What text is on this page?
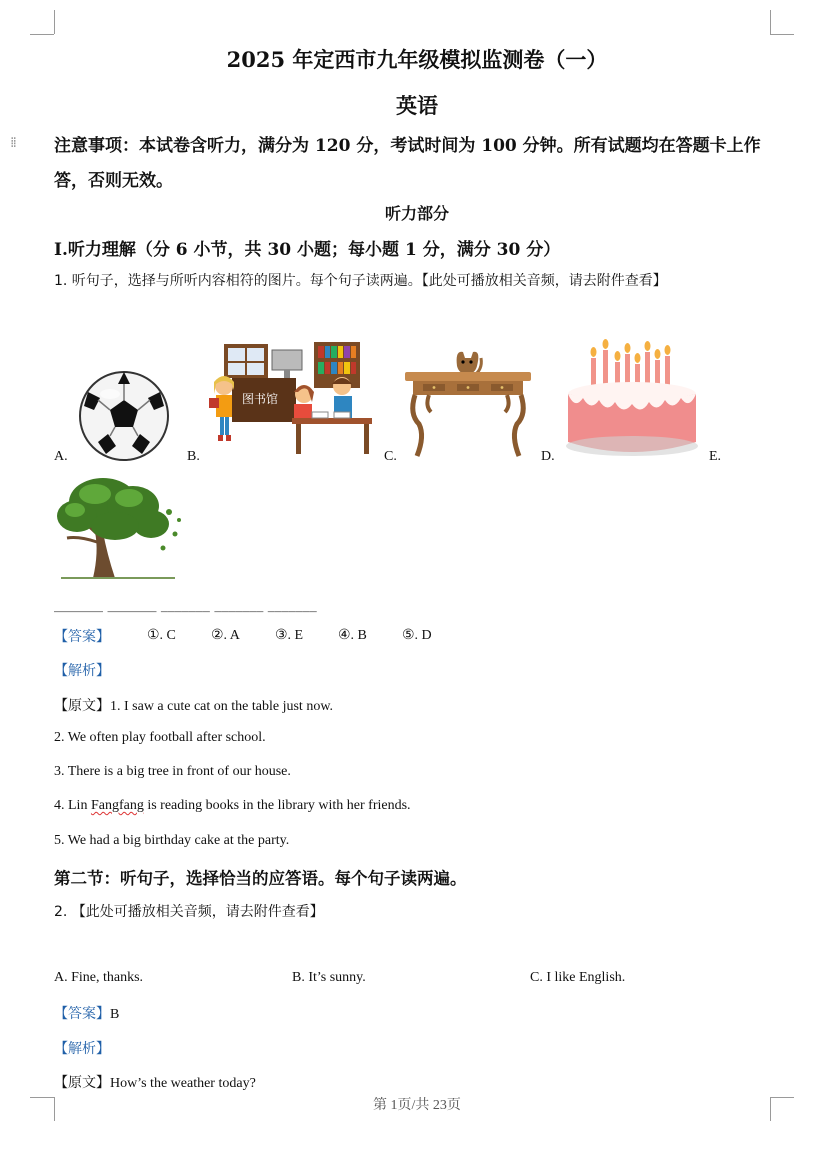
2025 年定西市九年级模拟监测卷（一）
英语
⁞⁞ 注意事项：本试卷含听力，满分为 120 分，考试时间为 100 分钟。所有试题均在答题卡上作答，否则无效。
听力部分
I.听力理解（分 6 小节，共 30 小题；每小题 1 分，满分 30 分）
1. 听句子，选择与所听内容相符的图片。每个句子读两遍。【此处可播放相关音频，请去附件查看】
A.	B.	C.	D.	E.
图书馆
_______ _______ _______ _______ _______
【答案】	①. C	②. A	③. E ④. B	⑤. D
【解析】
【原文】1. I saw a cute cat on the table just now.
2. We often play football after school.
3. There is a big tree in front of our house.
4. Lin Fangfang is reading books in the library with her friends.
5. We had a big birthday cake at the party.
第二节：听句子，选择恰当的应答语。每个句子读两遍。
2. 【此处可播放相关音频，请去附件查看】
A. Fine, thanks.	B. It’s sunny.	C. I like English.
【答案】B
【解析】
【原文】How’s the weather today?
第 1页/共 23页
